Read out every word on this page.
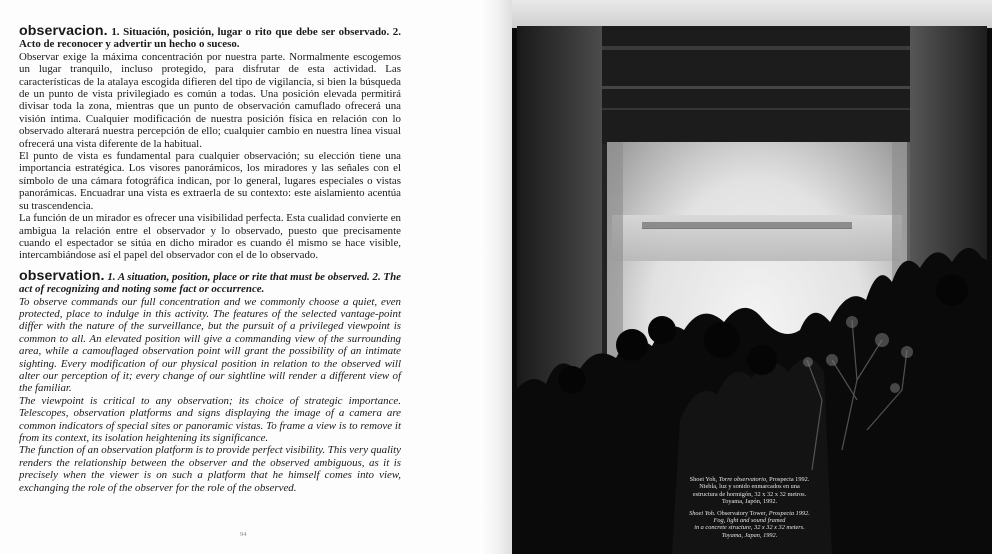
observacion. 1. Situación, posición, lugar o rito que debe ser observado. 2. Acto de reconocer y advertir un hecho o suceso.

Observar exige la máxima concentración por nuestra parte. Normalmente escogemos un lugar tranquilo, incluso protegido, para disfrutar de esta actividad. Las características de la atalaya escogida difieren del tipo de vigilancia, si bien la búsqueda de un punto de vista privilegiado es común a todas. Una posición elevada permitirá divisar toda la zona, mientras que un punto de observación camuflado ofrecerá una visión íntima. Cualquier modificación de nuestra posición física en relación con lo observado alterará nuestra percepción de ello; cualquier cambio en nuestra línea visual ofrecerá una vista diferente de la habitual.

El punto de vista es fundamental para cualquier observación; su elección tiene una importancia estratégica. Los visores panorámicos, los miradores y las señales con el símbolo de una cámara fotográfica indican, por lo general, lugares especiales o vistas panorámicas. Encuadrar una vista es extraerla de su contexto: este aislamiento acentúa su trascendencia.

La función de un mirador es ofrecer una visibilidad perfecta. Esta cualidad convierte en ambigua la relación entre el observador y lo observado, puesto que precisamente cuando el espectador se sitúa en dicho mirador es cuando él mismo se hace visible, intercambiándose así el papel del observador con el de lo observado.

observation. 1. A situation, position, place or rite that must be observed. 2. The act of recognizing and noting some fact or occurrence.

To observe commands our full concentration and we commonly choose a quiet, even protected, place to indulge in this activity. The features of the selected vantage-point differ with the nature of the surveillance, but the pursuit of a privileged viewpoint is common to all. An elevated position will give a commanding view of the surrounding area, while a camouflaged observation point will grant the possibility of an intimate sighting. Every modification of our physical position in relation to the observed will alter our perception of it; every change of our sightline will render a different view of the familiar.

The viewpoint is critical to any observation; its choice of strategic importance. Telescopes, observation platforms and signs displaying the image of a camera are common indicators of special sites or panoramic vistas. To frame a view is to remove it from its context, its isolation heightening its significance.

The function of an observation platform is to provide perfect visibility. This very quality renders the relationship between the observer and the observed ambiguous, as it is precisely when the viewer is on such a platform that he himself comes into view, exchanging the role of the observer for the role of the observed.

94

Shoei Yoh, Torre observatorio, Prospecta 1992.
Niebla, luz y sonido enmarcados en una
estructura de hormigón, 32 x 32 x 32 metros.
Toyama, Japón, 1992.

Shoei Yoh. Observatory Tower, Prospecta 1992.
Fog, light and sound framed
in a concrete structure, 32 x 32 x 32 meters.
Toyama, Japan, 1992.
